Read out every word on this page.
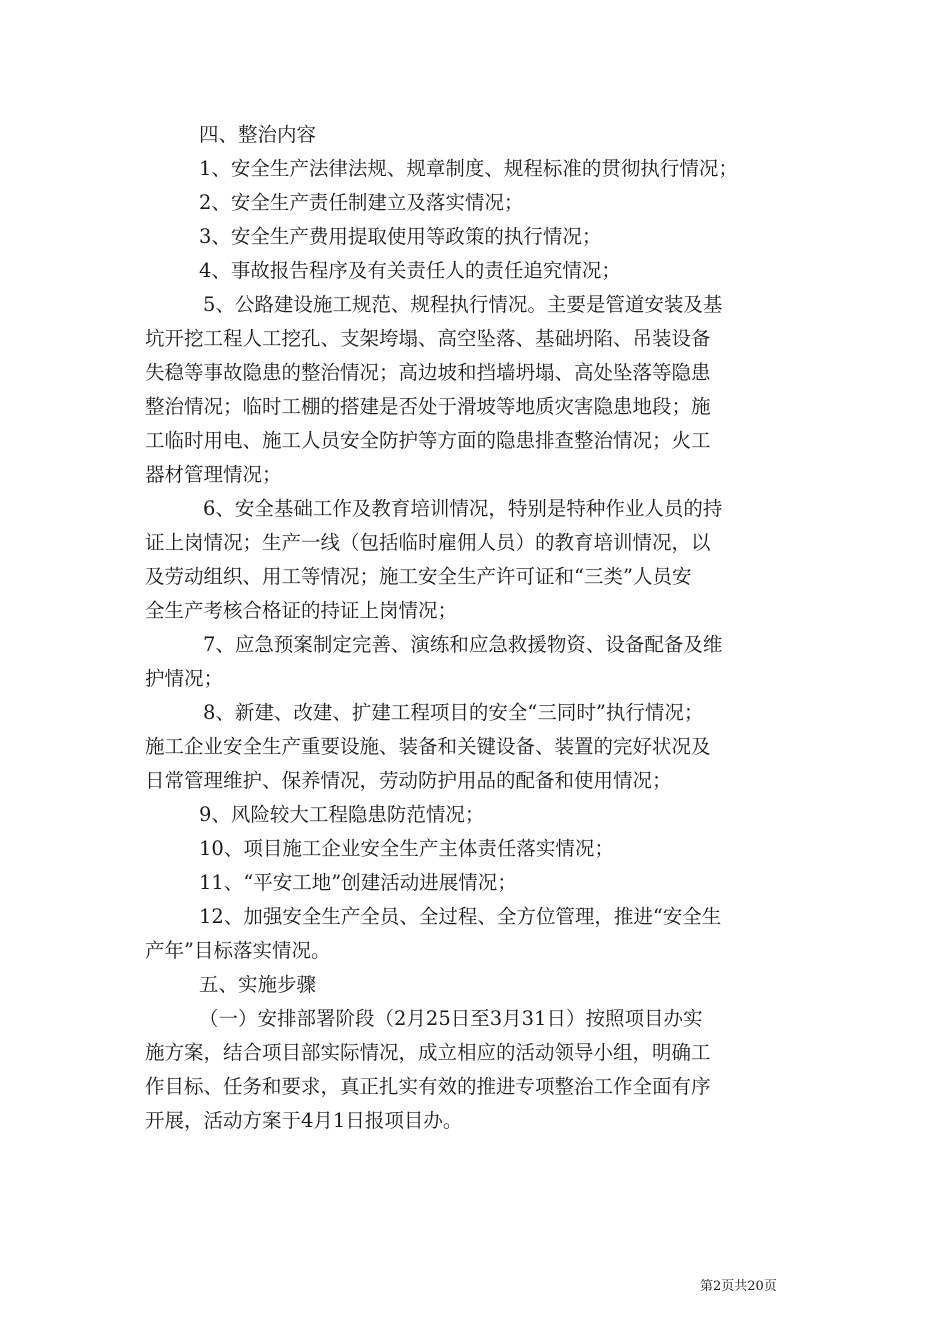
四、整治内容

1、安全生产法律法规、规章制度、规程标准的贯彻执行情况；

2、安全生产责任制建立及落实情况；

3、安全生产费用提取使用等政策的执行情况；

4、事故报告程序及有关责任人的责任追究情况；

5、公路建设施工规范、规程执行情况。主要是管道安装及基

坑开挖工程人工挖孔、支架垮塌、高空坠落、基础坍陷、吊装设备

失稳等事故隐患的整治情况；高边坡和挡墙坍塌、高处坠落等隐患

整治情况；临时工棚的搭建是否处于滑坡等地质灾害隐患地段；施

工临时用电、施工人员安全防护等方面的隐患排查整治情况；火工

器材管理情况；

6、安全基础工作及教育培训情况，特别是特种作业人员的持

证上岗情况；生产一线（包括临时雇佣人员）的教育培训情况，以

及劳动组织、用工等情况；施工安全生产许可证和“三类”人员安

全生产考核合格证的持证上岗情况；

7、应急预案制定完善、演练和应急救援物资、设备配备及维

护情况；

8、新建、改建、扩建工程项目的安全“三同时”执行情况；

施工企业安全生产重要设施、装备和关键设备、装置的完好状况及

日常管理维护、保养情况，劳动防护用品的配备和使用情况；

9、风险较大工程隐患防范情况；

10、项目施工企业安全生产主体责任落实情况；

11、“平安工地”创建活动进展情况；

12、加强安全生产全员、全过程、全方位管理，推进“安全生

产年”目标落实情况。

五、实施步骤

（一）安排部署阶段（2月25日至3月31日）按照项目办实

施方案，结合项目部实际情况，成立相应的活动领导小组，明确工

作目标、任务和要求，真正扎实有效的推进专项整治工作全面有序

开展，活动方案于4月1日报项目办。

第2页共20页
